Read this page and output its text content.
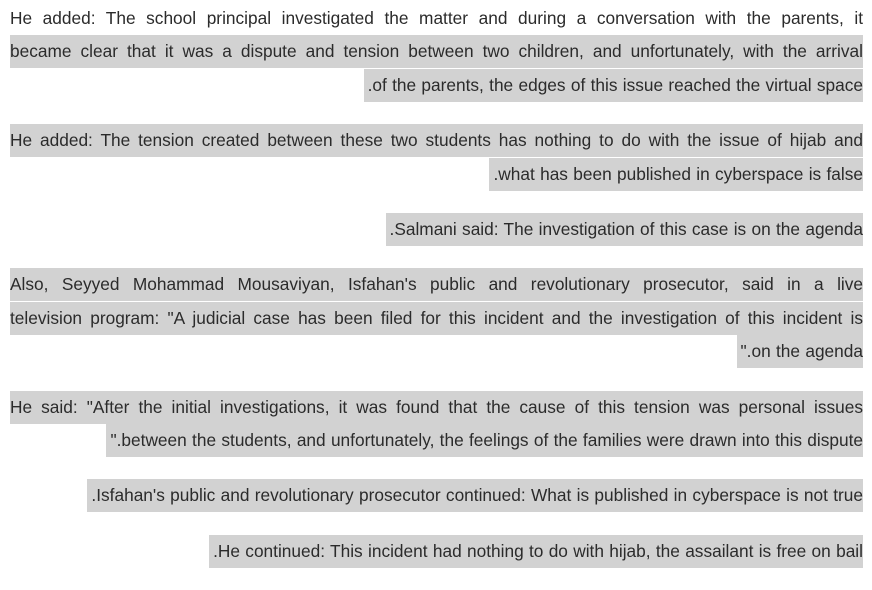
He added: The school principal investigated the matter and during a conversation with the parents, it
became clear that it was a dispute and tension between two children, and unfortunately, with the arrival
.of the parents, the edges of this issue reached the virtual space
He added: The tension created between these two students has nothing to do with the issue of hijab and
.what has been published in cyberspace is false
.Salmani said: The investigation of this case is on the agenda
Also, Seyyed Mohammad Mousaviyan, Isfahan's public and revolutionary prosecutor, said in a live
television program: "A judicial case has been filed for this incident and the investigation of this incident is
".on the agenda
He said: "After the initial investigations, it was found that the cause of this tension was personal issues
".between the students, and unfortunately, the feelings of the families were drawn into this dispute
.Isfahan's public and revolutionary prosecutor continued: What is published in cyberspace is not true
.He continued: This incident had nothing to do with hijab, the assailant is free on bail
